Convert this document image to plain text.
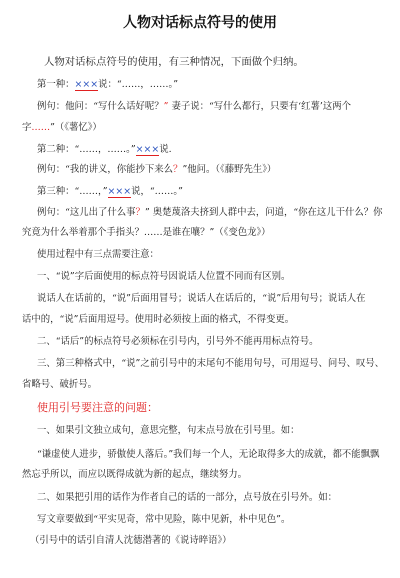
人物对话标点符号的使用
人物对话标点符号的使用，有三种情况，下面做个归纳。
第一种：×××说：“……，……。”
例句：他问：“写什么话好呢？” 妻子说：“写什么都行，只要有‘红薯’这两个
字……”（《薯忆》）
第二种：“……，……。”×××说.
例句：“我的讲义，你能抄下来么？”他问。（《藤野先生》）
第三种：“……，”×××说，“……。”
例句：“这儿出了什么事？” 奥楚蔑洛夫挤到人群中去，问道，“你在这儿干什么？你
究竟为什么举着那个手指头？……是谁在嚷？”（《变色龙》）
使用过程中有三点需要注意：
一、“说”字后面使用的标点符号因说话人位置不同而有区别。
说话人在话前的，“说”后面用冒号；说话人在话后的，“说”后用句号；说话人在
话中的，“说”后面用逗号。使用时必须按上面的格式，不得变更。
二、“话后”的标点符号必须标在引号内，引号外不能再用标点符号。
三、第三种格式中，“说”之前引号中的末尾句不能用句号，可用逗号、问号、叹号、
省略号、破折号。
使用引号要注意的问题：
一、如果引文独立成句，意思完整，句末点号放在引号里。如：
“谦虚使人进步，骄傲使人落后。”我们每一个人，无论取得多大的成就，都不能飘飘
然忘乎所以，而应以既得成就为新的起点，继续努力。
二、如果把引用的话作为作者自己的话的一部分，点号放在引号外。如：
写文章要做到“平实见奇，常中见险，陈中见新，朴中见色”。
（引号中的话引自清人沈德潜著的《说诗晬语》）
